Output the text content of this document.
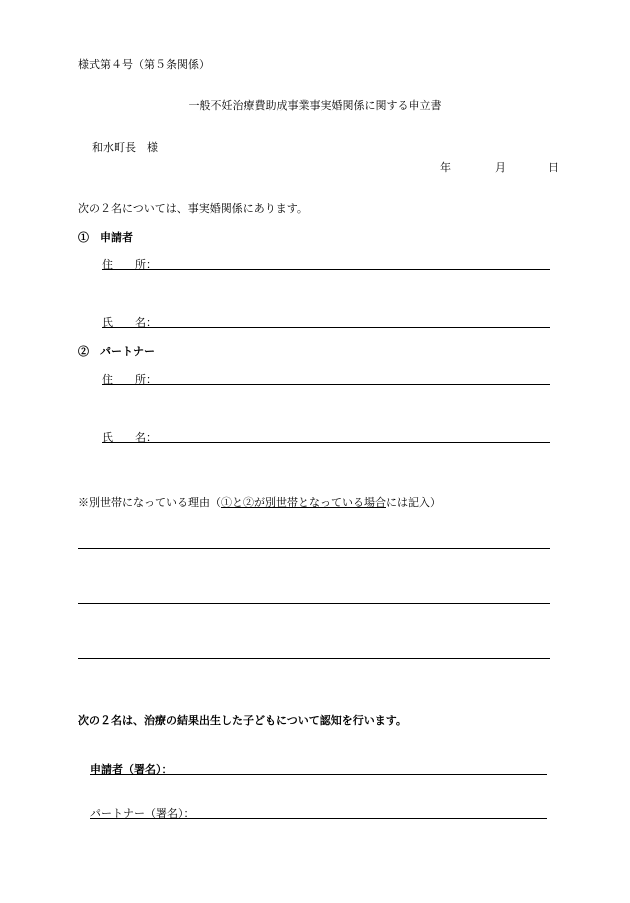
様式第４号（第５条関係）
一般不妊治療費助成事業事実婚関係に関する申立書
和水町長　様
年	月	日
次の２名については、事実婚関係にあります。
①　申請者
住　　所：
氏　　名：
②　パートナー
住　　所：
氏　　名：
※別世帯になっている理由（①と②が別世帯となっている場合には記入）
次の２名は、治療の結果出生した子どもについて認知を行います。
申請者（署名）：
パートナー（署名）：
